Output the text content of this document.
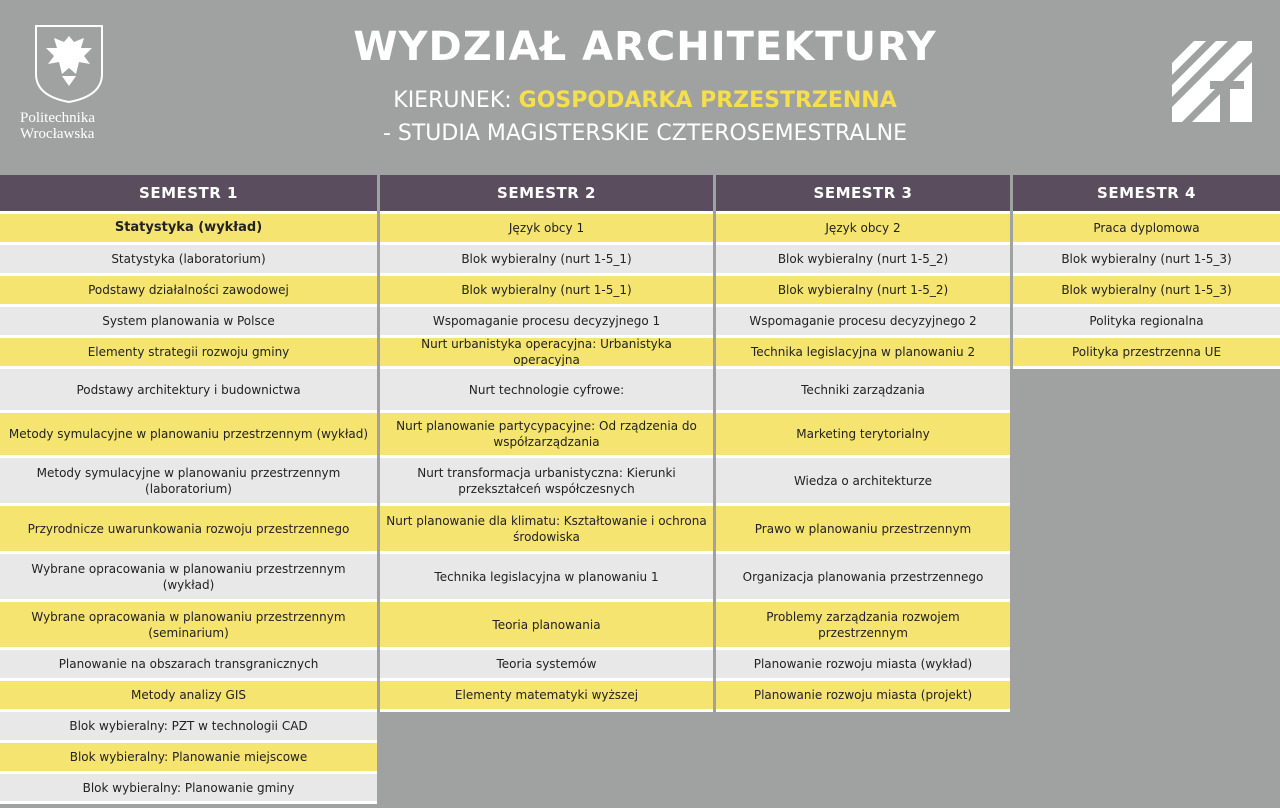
Politechnika
Wrocławska
WYDZIAŁ ARCHITEKTURY
KIERUNEK: GOSPODARKA PRZESTRZENNA
- STUDIA MAGISTERSKIE CZTEROSEMESTRALNE
SEMESTR 1
Statystyka (wykład)
Statystyka (laboratorium)
Podstawy działalności zawodowej
System planowania w Polsce
Elementy strategii rozwoju gminy
Podstawy architektury i budownictwa
Metody symulacyjne w planowaniu przestrzennym (wykład)
Metody symulacyjne w planowaniu przestrzennym (laboratorium)
Przyrodnicze uwarunkowania rozwoju przestrzennego
Wybrane opracowania w planowaniu przestrzennym (wykład)
Wybrane opracowania w planowaniu przestrzennym (seminarium)
Planowanie na obszarach transgranicznych
Metody analizy GIS
Blok wybieralny: PZT w technologii CAD
Blok wybieralny: Planowanie miejscowe
Blok wybieralny: Planowanie gminy
SEMESTR 2
Język obcy 1
Blok wybieralny (nurt 1-5_1)
Blok wybieralny (nurt 1-5_1)
Wspomaganie procesu decyzyjnego 1
Nurt urbanistyka operacyjna: Urbanistyka operacyjna
Nurt technologie cyfrowe:
Nurt planowanie partycypacyjne: Od rządzenia do współzarządzania
Nurt transformacja urbanistyczna: Kierunki przekształceń współczesnych
Nurt planowanie dla klimatu: Kształtowanie i ochrona środowiska
Technika legislacyjna w planowaniu 1
Teoria planowania
Teoria systemów
Elementy matematyki wyższej
SEMESTR 3
Język obcy 2
Blok wybieralny (nurt 1-5_2)
Blok wybieralny (nurt 1-5_2)
Wspomaganie procesu decyzyjnego 2
Technika legislacyjna w planowaniu 2
Techniki zarządzania
Marketing terytorialny
Wiedza o architekturze
Prawo w planowaniu przestrzennym
Organizacja planowania przestrzennego
Problemy zarządzania rozwojem przestrzennym
Planowanie rozwoju miasta (wykład)
Planowanie rozwoju miasta (projekt)
SEMESTR 4
Praca dyplomowa
Blok wybieralny (nurt 1-5_3)
Blok wybieralny (nurt 1-5_3)
Polityka regionalna
Polityka przestrzenna UE
